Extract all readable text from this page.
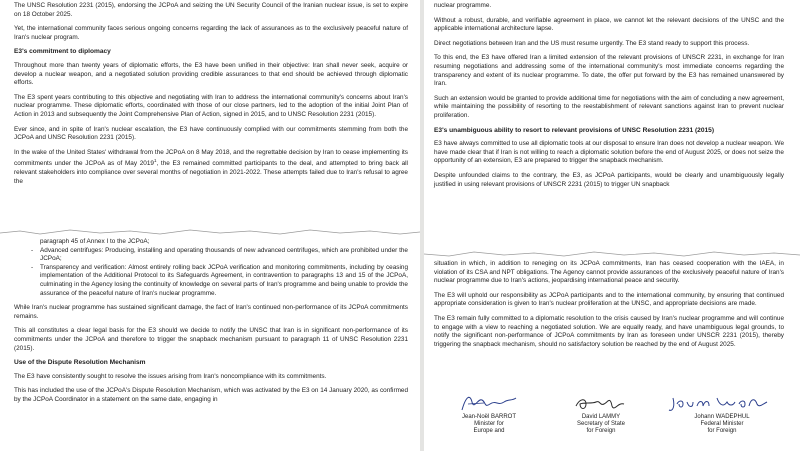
The UNSC Resolution 2231 (2015), endorsing the JCPoA and seizing the UN Security Council of the Iranian nuclear issue, is set to expire on 18 October 2025.

Yet, the international community faces serious ongoing concerns regarding the lack of assurances as to the exclusively peaceful nature of Iran's nuclear program.

E3's commitment to diplomacy

Throughout more than twenty years of diplomatic efforts, the E3 have been unified in their objective: Iran shall never seek, acquire or develop a nuclear weapon, and a negotiated solution providing credible assurances to that end should be achieved through diplomatic efforts.

The E3 spent years contributing to this objective and negotiating with Iran to address the international community's concerns about Iran's nuclear programme. These diplomatic efforts, coordinated with those of our close partners, led to the adoption of the initial Joint Plan of Action in 2013 and subsequently the Joint Comprehensive Plan of Action, signed in 2015, and to UNSC Resolution 2231 (2015).

Ever since, and in spite of Iran's nuclear escalation, the E3 have continuously complied with our commitments stemming from both the JCPoA and UNSC Resolution 2231 (2015).

In the wake of the United States' withdrawal from the JCPoA on 8 May 2018, and the regrettable decision by Iran to cease implementing its commitments under the JCPoA as of May 2019$^1$, the E3 remained committed participants to the deal, and attempted to bring back all relevant stakeholders into compliance over several months of negotiation in 2021-2022. These attempts failed due to Iran's refusal to agree the

paragraph 45 of Annex I to the JCPoA;

- Advanced centrifuges: Producing, installing and operating thousands of new advanced centrifuges, which are prohibited under the JCPoA;
- Transparency and verification: Almost entirely rolling back JCPoA verification and monitoring commitments, including by ceasing implementation of the Additional Protocol to its Safeguards Agreement, in contravention to paragraphs 13 and 15 of the JCPoA, culminating in the Agency losing the continuity of knowledge on several parts of Iran's programme and being unable to provide the assurance of the peaceful nature of Iran's nuclear programme.

While Iran's nuclear programme has sustained significant damage, the fact of Iran's continued non-performance of its JCPoA commitments remains.

This all constitutes a clear legal basis for the E3 should we decide to notify the UNSC that Iran is in significant non-performance of its commitments under the JCPoA and therefore to trigger the snapback mechanism pursuant to paragraph 11 of UNSC Resolution 2231 (2015).

Use of the Dispute Resolution Mechanism

The E3 have consistently sought to resolve the issues arising from Iran's noncompliance with its commitments.

This has included the use of the JCPoA's Dispute Resolution Mechanism, which was activated by the E3 on 14 January 2020, as confirmed by the JCPoA Coordinator in a statement on the same date, engaging in

nuclear programme.

Without a robust, durable, and verifiable agreement in place, we cannot let the relevant decisions of the UNSC and the applicable international architecture lapse.

Direct negotiations between Iran and the US must resume urgently. The E3 stand ready to support this process.

To this end, the E3 have offered Iran a limited extension of the relevant provisions of UNSCR 2231, in exchange for Iran resuming negotiations and addressing some of the international community's most immediate concerns regarding the transparency and extent of its nuclear programme. To date, the offer put forward by the E3 has remained unanswered by Iran.

Such an extension would be granted to provide additional time for negotiations with the aim of concluding a new agreement, while maintaining the possibility of resorting to the reestablishment of relevant sanctions against Iran to prevent nuclear proliferation.

E3's unambiguous ability to resort to relevant provisions of UNSC Resolution 2231 (2015)

E3 have always committed to use all diplomatic tools at our disposal to ensure Iran does not develop a nuclear weapon. We have made clear that if Iran is not willing to reach a diplomatic solution before the end of August 2025, or does not seize the opportunity of an extension, E3 are prepared to trigger the snapback mechanism.

Despite unfounded claims to the contrary, the E3, as JCPoA participants, would be clearly and unambiguously legally justified in using relevant provisions of UNSCR 2231 (2015) to trigger UN snapback

situation in which, in addition to reneging on its JCPoA commitments, Iran has ceased cooperation with the IAEA, in violation of its CSA and NPT obligations. The Agency cannot provide assurances of the exclusively peaceful nature of Iran's nuclear programme due to Iran's actions, jeopardising international peace and security.

The E3 will uphold our responsibility as JCPoA participants and to the international community, by ensuring that continued appropriate consideration is given to Iran's nuclear proliferation at the UNSC, and appropriate decisions are made.

The E3 remain fully committed to a diplomatic resolution to the crisis caused by Iran's nuclear programme and will continue to engage with a view to reaching a negotiated solution. We are equally ready, and have unambiguous legal grounds, to notify the significant non-performance of JCPoA commitments by Iran as foreseen under UNSCR 2231 (2015), thereby triggering the snapback mechanism, should no satisfactory solution be reached by the end of August 2025.

Jean-Noël BARROT
Minister for
Europe and
David LAMMY
Secretary of State
for Foreign
Johann WADEPHUL
Federal Minister
for Foreign
